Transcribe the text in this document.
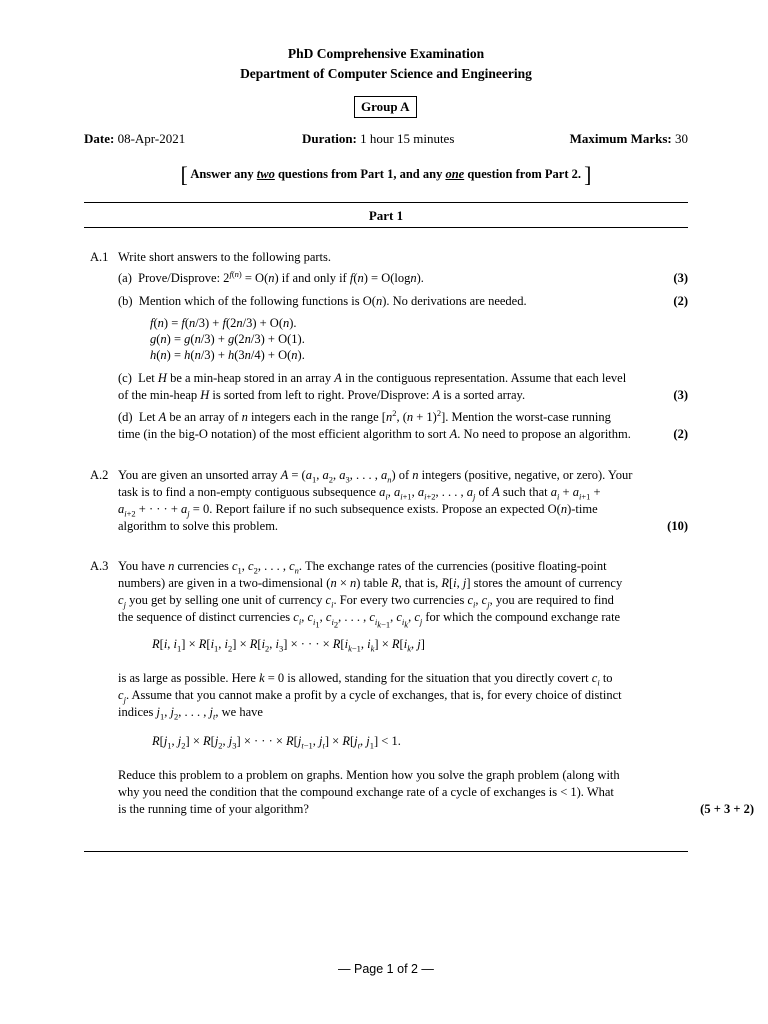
PhD Comprehensive Examination
Department of Computer Science and Engineering
Group A
Date: 08-Apr-2021	Duration: 1 hour 15 minutes	Maximum Marks: 30
[ Answer any two questions from Part 1, and any one question from Part 2. ]
Part 1
A.1 Write short answers to the following parts.
(a)  Prove/Disprove: $2^{f(n)} = O(n)$ if and only if f(n) = O(logn).	(3)
(b)  Mention which of the following functions is O(n). No derivations are needed.	(2)
f(n) = f(n/3) + f(2n/3) + O(n).
g(n) = g(n/3) + g(2n/3) + O(1).
h(n) = h(n/3) + h(3n/4) + O(n).
(c)  Let H be a min-heap stored in an array A in the contiguous representation. Assume that each level
of the min-heap H is sorted from left to right. Prove/Disprove: A is a sorted array.	(3)
(d)  Let A be an array of n integers each in the range [$n^2$, $(n + 1)^2$]. Mention the worst-case running
time (in the big-O notation) of the most efficient algorithm to sort A. No need to propose an algorithm.	(2)
A.2 You are given an unsorted array $A = (a_1$, $a_2$, $a_3$, . . . , $a_n$) of n integers (positive, negative, or zero). Your
task is to find a non-empty contiguous subsequence $a_i$, $a_{i+1}$, $a_{i+2}$, . . . , $a_j$ of A such that $a_i + a_{i+1}$ +
$a_{i+2}$ + · · · + $a_j = 0$. Report failure if no such subsequence exists. Propose an expected O(n)-time
algorithm to solve this problem.	(10)
A.3 You have n currencies $c_1$, $c_2$, . . . , $c_n$. The exchange rates of the currencies (positive floating-point
numbers) are given in a two-dimensional (n × n) table R, that is, R[i, j] stores the amount of currency
$c_j$ you get by selling one unit of currency $c_i$. For every two currencies $c_i$, $c_j$, you are required to find
the sequence of distinct currencies $c_i$, $c_{i_1}$, $c_{i_2}$, . . . , $c_{i_{k-1}}$, $c_{i_k}$, $c_j$ for which the compound exchange rate
R[i, $i_1] \times R[i_1$, $i_2] \times R[i_2$, $i_3$] × · · · × $R[i_{k-1}$, $i_k] \times R[i_k$, j]
is as large as possible. Here k = 0 is allowed, standing for the situation that you directly covert $c_i$ to
$c_j$. Assume that you cannot make a profit by a cycle of exchanges, that is, for every choice of distinct
indices $j_1$, $j_2$, . . . , $j_t$, we have
$R[j_1$, $j_2] \times R[j_2$, $j_3$] × · · · × $R[j_{t-1}$, $j_t] \times R[j_t$, $j_1] < 1$.
Reduce this problem to a problem on graphs. Mention how you solve the graph problem (along with
why you need the condition that the compound exchange rate of a cycle of exchanges is < 1). What
is the running time of your algorithm?	(5 + 3 + 2)
— Page 1 of 2 —
